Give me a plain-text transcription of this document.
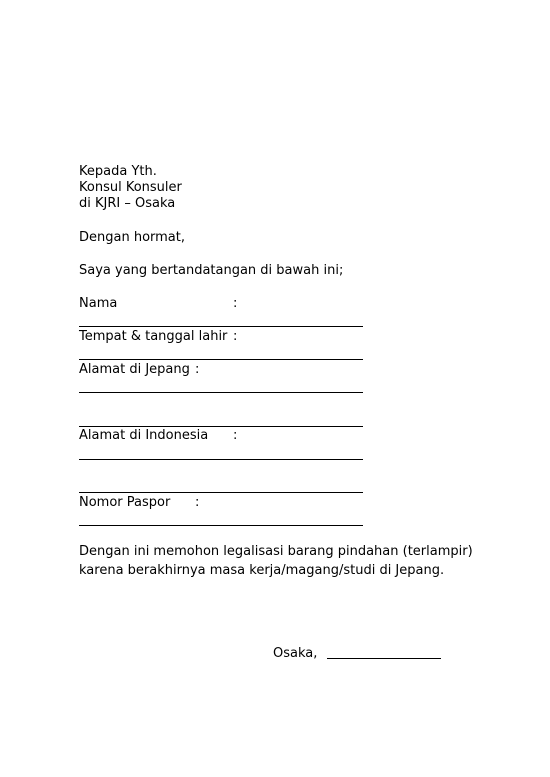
Kepada Yth.
Konsul Konsuler
di KJRI – Osaka
Dengan hormat,
Saya yang bertandatangan di bawah ini;
Nama	:
Tempat & tanggal lahir :
Alamat di Jepang :
Alamat di Indonesia :
Nomor Paspor :
Dengan ini memohon legalisasi barang pindahan (terlampir)
karena berakhirnya masa kerja/magang/studi di Jepang.
Osaka,
